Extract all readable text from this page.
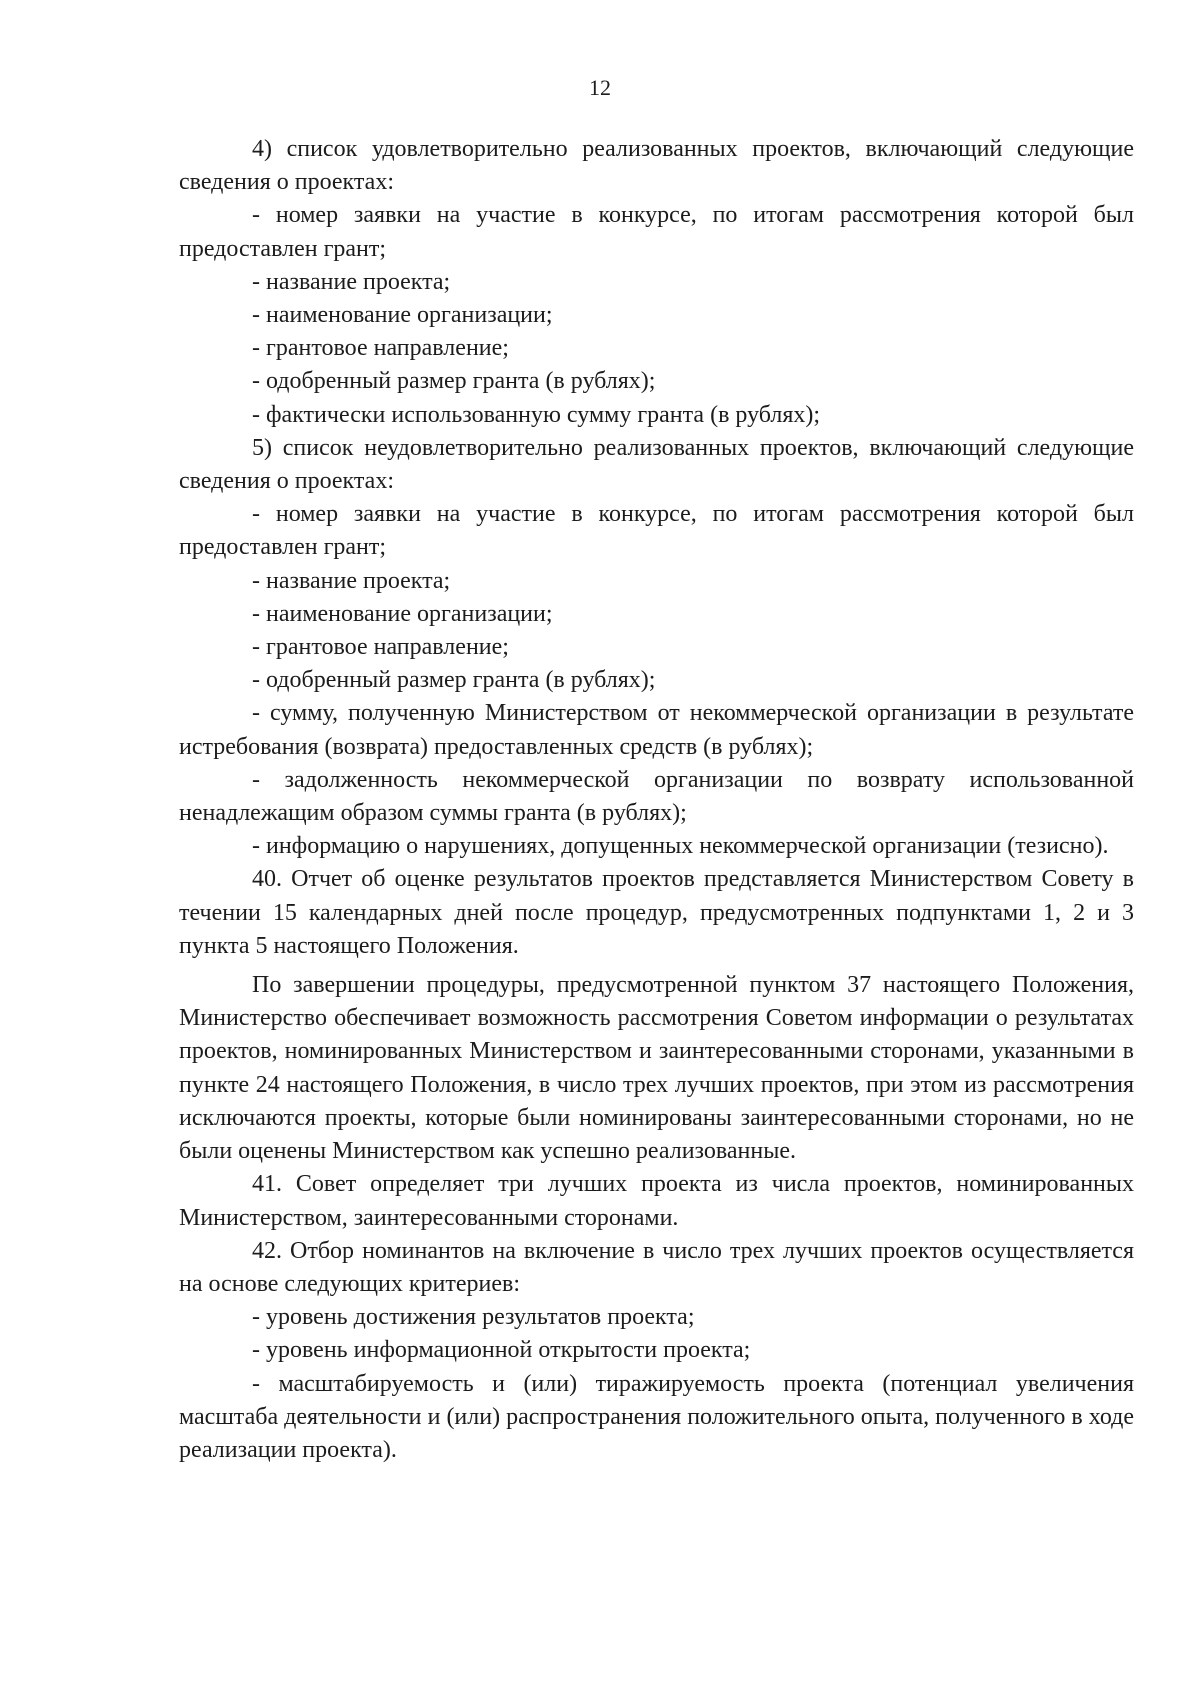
12

4) список удовлетворительно реализованных проектов, включающий следующие сведения о проектах:

- номер заявки на участие в конкурсе, по итогам рассмотрения которой был предоставлен грант;

- название проекта;

- наименование организации;

- грантовое направление;

- одобренный размер гранта (в рублях);

- фактически использованную сумму гранта (в рублях);

5) список неудовлетворительно реализованных проектов, включающий следующие сведения о проектах:

- номер заявки на участие в конкурсе, по итогам рассмотрения которой был предоставлен грант;

- название проекта;

- наименование организации;

- грантовое направление;

- одобренный размер гранта (в рублях);

- сумму, полученную Министерством от некоммерческой организации в результате истребования (возврата) предоставленных средств (в рублях);

- задолженность некоммерческой организации по возврату использованной ненадлежащим образом суммы гранта (в рублях);

- информацию о нарушениях, допущенных некоммерческой организации (тезисно).

40. Отчет об оценке результатов проектов представляется Министерством Совету в течении 15 календарных дней после процедур, предусмотренных подпунктами 1, 2 и 3 пункта 5 настоящего Положения.

По завершении процедуры, предусмотренной пунктом 37 настоящего Положения, Министерство обеспечивает возможность рассмотрения Советом информации о результатах проектов, номинированных Министерством и заинтересованными сторонами, указанными в пункте 24 настоящего Положения, в число трех лучших проектов, при этом из рассмотрения исключаются проекты, которые были номинированы заинтересованными сторонами, но не были оценены Министерством как успешно реализованные.

41. Совет определяет три лучших проекта из числа проектов, номинированных Министерством, заинтересованными сторонами.

42. Отбор номинантов на включение в число трех лучших проектов осуществляется на основе следующих критериев:

- уровень достижения результатов проекта;

- уровень информационной открытости проекта;

- масштабируемость и (или) тиражируемость проекта (потенциал увеличения масштаба деятельности и (или) распространения положительного опыта, полученного в ходе реализации проекта).
